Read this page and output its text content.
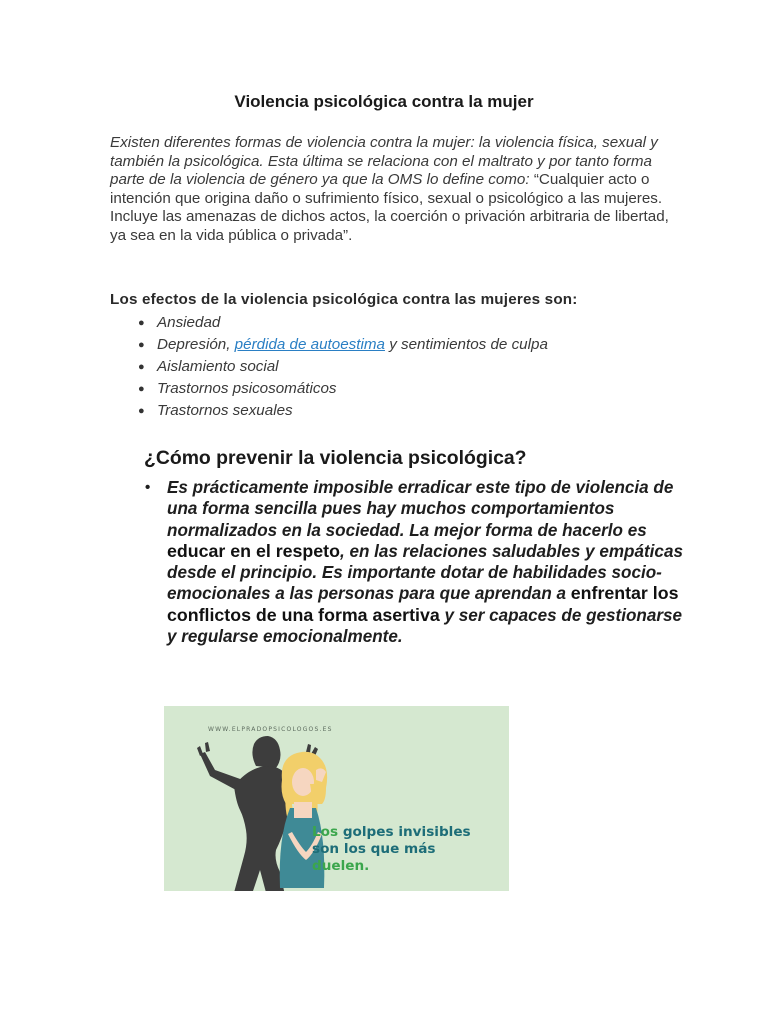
Violencia psicológica contra la mujer
Existen diferentes formas de violencia contra la mujer: la violencia física, sexual y también la psicológica. Esta última se relaciona con el maltrato y por tanto forma parte de la violencia de género ya que la OMS lo define como: “Cualquier acto o intención que origina daño o sufrimiento físico, sexual o psicológico a las mujeres. Incluye las amenazas de dichos actos, la coerción o privación arbitraria de libertad, ya sea en la vida pública o privada”.
Los efectos de la violencia psicológica contra las mujeres son:
● Ansiedad
● Depresión, pérdida de autoestima y sentimientos de culpa
● Aislamiento social
● Trastornos psicosomáticos
● Trastornos sexuales
¿Cómo prevenir la violencia psicológica?
• Es prácticamente imposible erradicar este tipo de violencia de una forma sencilla pues hay muchos comportamientos normalizados en la sociedad. La mejor forma de hacerlo es educar en el respeto, en las relaciones saludables y empáticas desde el principio. Es importante dotar de habilidades socio-emocionales a las personas para que aprendan a enfrentar los conflictos de una forma asertiva y ser capaces de gestionarse y regularse emocionalmente.
WWW.ELPRADOPSICOLOGOS.ES
Los golpes invisibles
son los que más
duelen.
